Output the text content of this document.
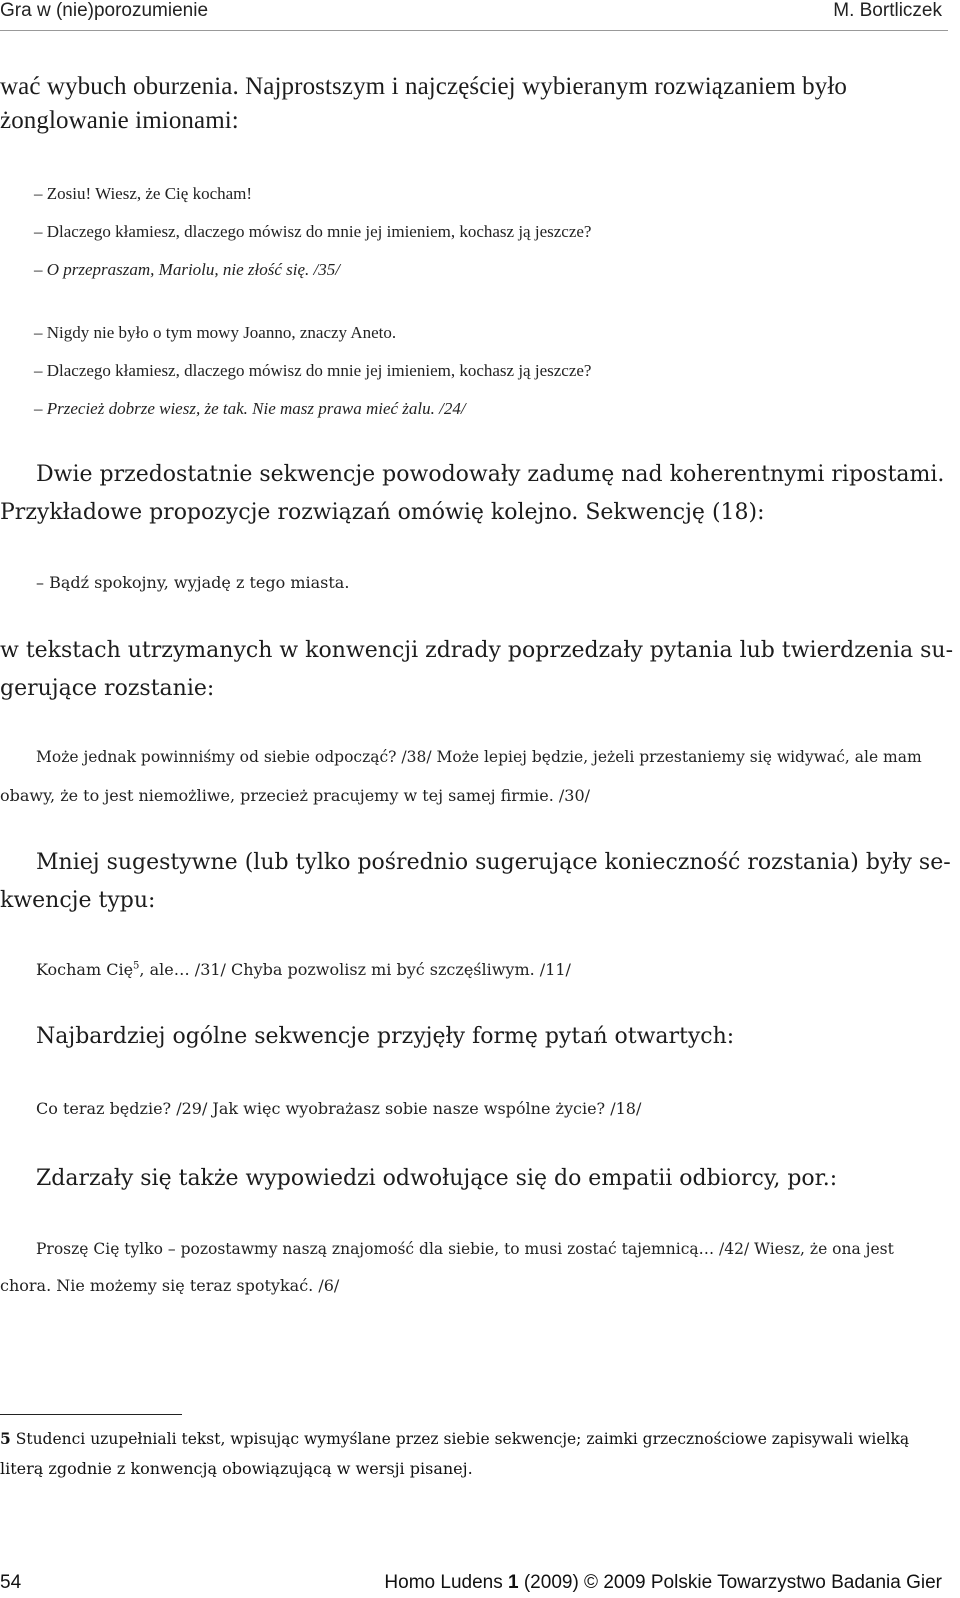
Gra w (nie)porozumienie	M. Bortliczek
wać wybuch oburzenia. Najprostszym i najczęściej wybieranym rozwiązaniem było żonglowanie imionami:
– Zosiu! Wiesz, że Cię kocham!
– Dlaczego kłamiesz, dlaczego mówisz do mnie jej imieniem, kochasz ją jeszcze?
– O przepraszam, Mariolu, nie złość się. /35/
– Nigdy nie było o tym mowy Joanno, znaczy Aneto.
– Dlaczego kłamiesz, dlaczego mówisz do mnie jej imieniem, kochasz ją jeszcze?
– Przecież dobrze wiesz, że tak. Nie masz prawa mieć żalu. /24/
Dwie przedostatnie sekwencje powodowały zadumę nad koherentnymi ripostami.
Przykładowe propozycje rozwiązań omówię kolejno. Sekwencję (18):
– Bądź spokojny, wyjadę z tego miasta.
w tekstach utrzymanych w konwencji zdrady poprzedzały pytania lub twierdzenia su-
gerujące rozstanie:
Może jednak powinniśmy od siebie odpocząć? /38/ Może lepiej będzie, jeżeli przestaniemy się widywać, ale mam
obawy, że to jest niemożliwe, przecież pracujemy w tej samej firmie. /30/
Mniej sugestywne (lub tylko pośrednio sugerujące konieczność rozstania) były se-
kwencje typu:
Kocham Cię$^5$, ale… /31/ Chyba pozwolisz mi być szczęśliwym. /11/
Najbardziej ogólne sekwencje przyjęły formę pytań otwartych:
Co teraz będzie? /29/ Jak więc wyobrażasz sobie nasze wspólne życie? /18/
Zdarzały się także wypowiedzi odwołujące się do empatii odbiorcy, por.:
Proszę Cię tylko – pozostawmy naszą znajomość dla siebie, to musi zostać tajemnicą… /42/ Wiesz, że ona jest
chora. Nie możemy się teraz spotykać. /6/
5 Studenci uzupełniali tekst, wpisując wymyślane przez siebie sekwencje; zaimki grzecznościowe zapisywali wielką
literą zgodnie z konwencją obowiązującą w wersji pisanej.
54	Homo Ludens 1 (2009) © 2009 Polskie Towarzystwo Badania Gier
